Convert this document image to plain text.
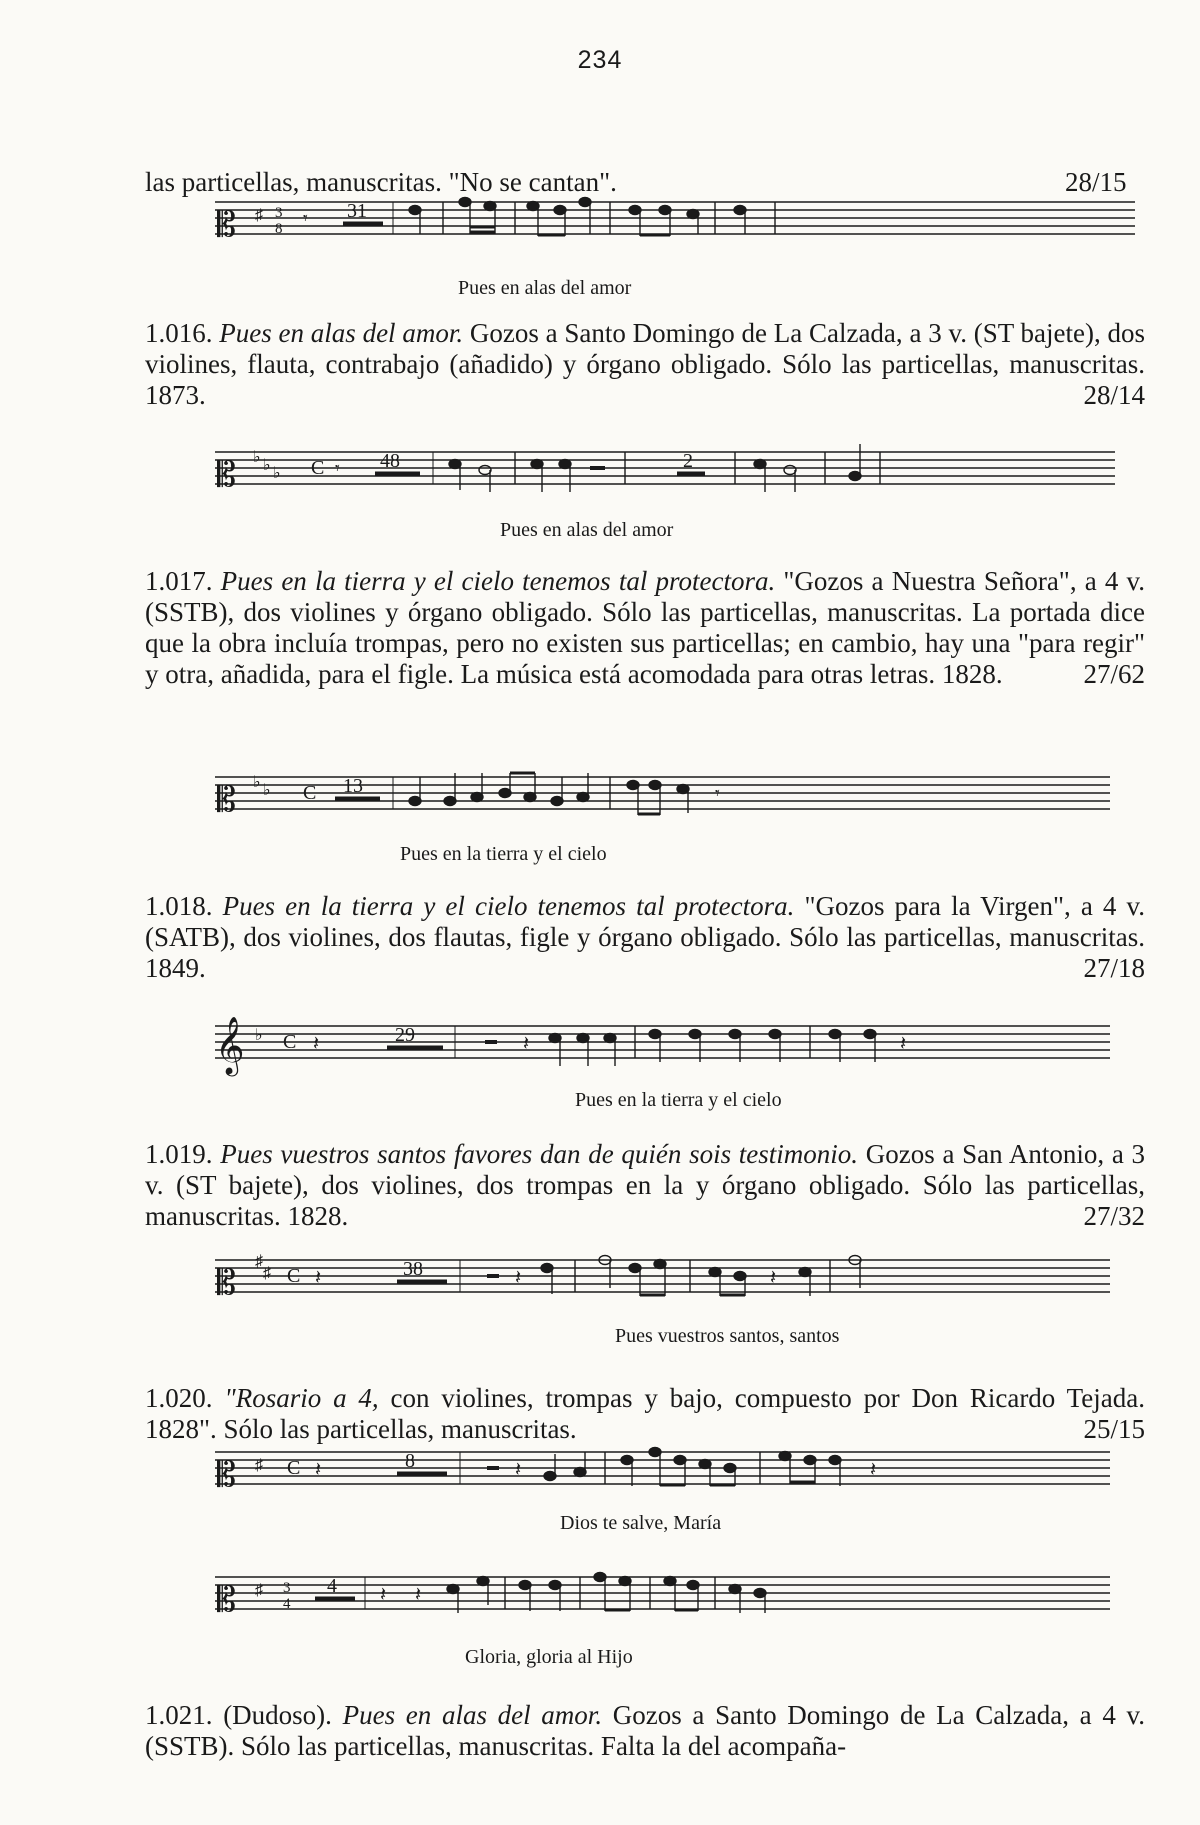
234
las particellas, manuscritas. "No se cantan".	28/15
𝄡 ♯ 3
8
𝄾 31
Pues en alas del amor
1.016. Pues en alas del amor. Gozos a Santo Domingo de La Calzada, a 3 v. (ST bajete), dos violines, flauta, contrabajo (añadido) y órgano obligado. Sólo las particellas, manuscritas. 1873.	28/14
𝄡 ♭ ♭ ♭ C 𝄾 48	2
Pues en alas del amor
1.017. Pues en la tierra y el cielo tenemos tal protectora. "Gozos a Nuestra Señora", a 4 v. (SSTB), dos violines y órgano obligado. Sólo las particellas, manuscritas. La portada dice que la obra incluía trompas, pero no existen sus particellas; en cambio, hay una "para regir" y otra, añadida, para el figle. La música está acomodada para otras letras. 1828.	27/62
𝄡 ♭ ♭ C 13	𝄾
Pues en la tierra y el cielo
1.018. Pues en la tierra y el cielo tenemos tal protectora. "Gozos para la Virgen", a 4 v. (SATB), dos violines, dos flautas, figle y órgano obligado. Sólo las particellas, manuscritas. 1849.	27/18
𝄞 ♭ C 𝄽	29	𝄽	𝄽
Pues en la tierra y el cielo
1.019. Pues vuestros santos favores dan de quién sois testimonio. Gozos a San Antonio, a 3 v. (ST bajete), dos violines, dos trompas en la y órgano obligado. Sólo las particellas, manuscritas. 1828.	27/32
𝄡
♯
♯ C 𝄽	38	𝄽	𝄽
Pues vuestros santos, santos
1.020. "Rosario a 4, con violines, trompas y bajo, compuesto por Don Ricardo Tejada. 1828". Sólo las particellas, manuscritas.	25/15
𝄡 ♯ C 𝄽	8	𝄽	𝄽
Dios te salve, María
𝄡 ♯ 3
4
4 𝄽 𝄽
Gloria, gloria al Hijo
1.021. (Dudoso). Pues en alas del amor. Gozos a Santo Domingo de La Calzada, a 4 v. (SSTB). Sólo las particellas, manuscritas. Falta la del acompaña-
